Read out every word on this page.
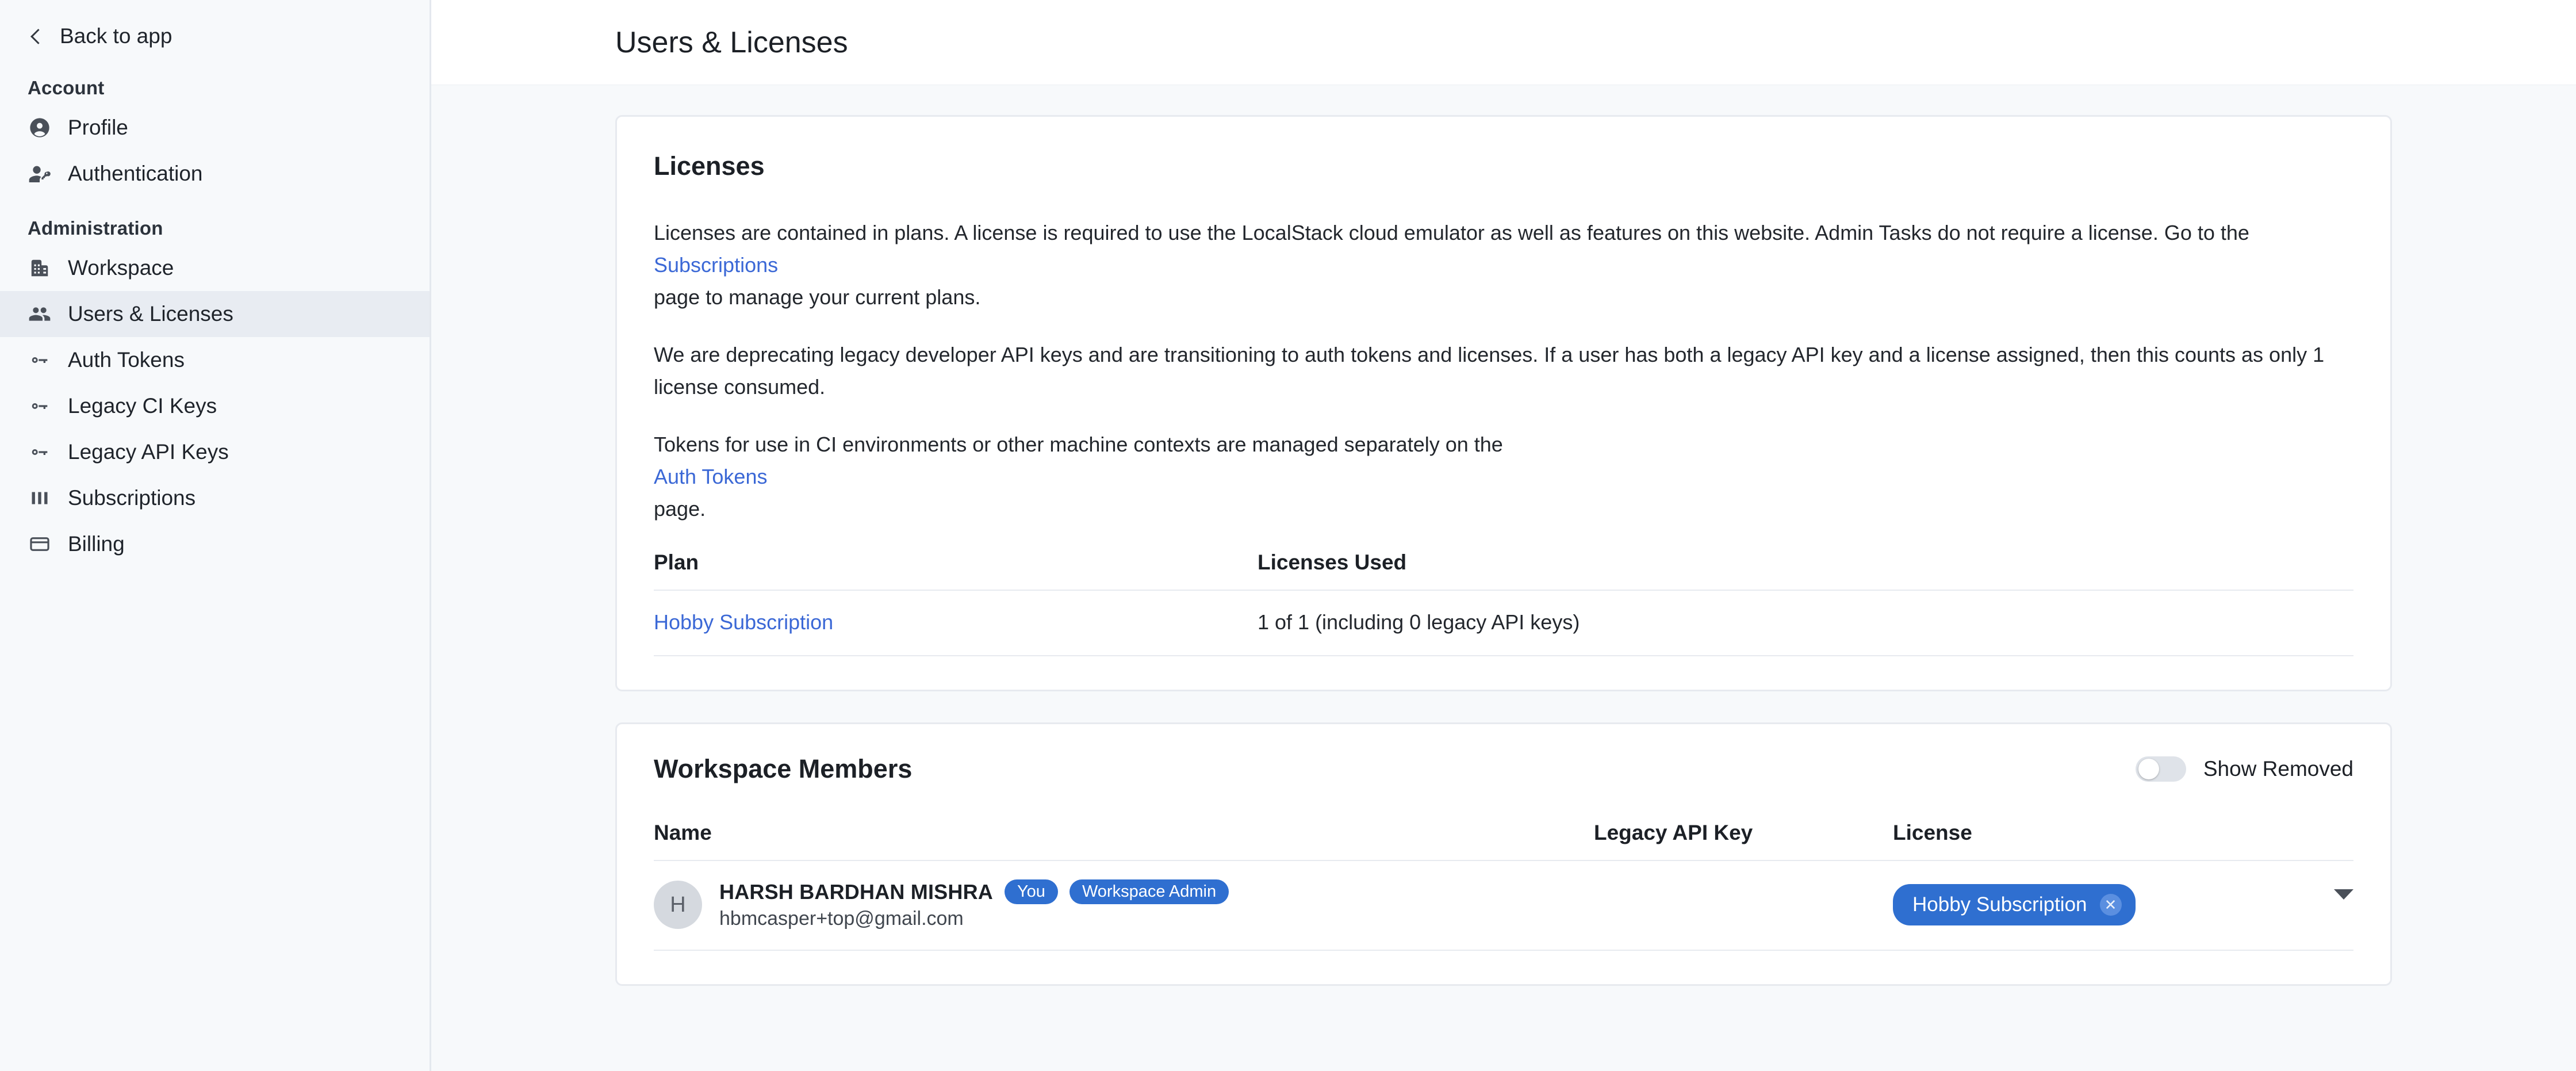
Back to app
Account
Profile
Authentication
Administration
Workspace
Users & Licenses
Auth Tokens
Legacy CI Keys
Legacy API Keys
Subscriptions
Billing
Users & Licenses
Licenses

Licenses are contained in plans. A license is required to use the LocalStack cloud emulator as well as features on this website. Admin Tasks do not require a license. Go to the
Subscriptions
page to manage your current plans.

We are deprecating legacy developer API keys and are transitioning to auth tokens and licenses. If a user has both a legacy API key and a license assigned, then this counts as only 1 license consumed.

Tokens for use in CI environments or other machine contexts are managed separately on the
Auth Tokens
page.

Plan	Licenses Used
Hobby Subscription	1 of 1 (including 0 legacy API keys)
Workspace Members	Show Removed
Name	Legacy API Key	License	

H
HARSH BARDHAN MISHRA You Workspace Admin
hbmcasper+top@gmail.com		Hobby Subscription ✕	
